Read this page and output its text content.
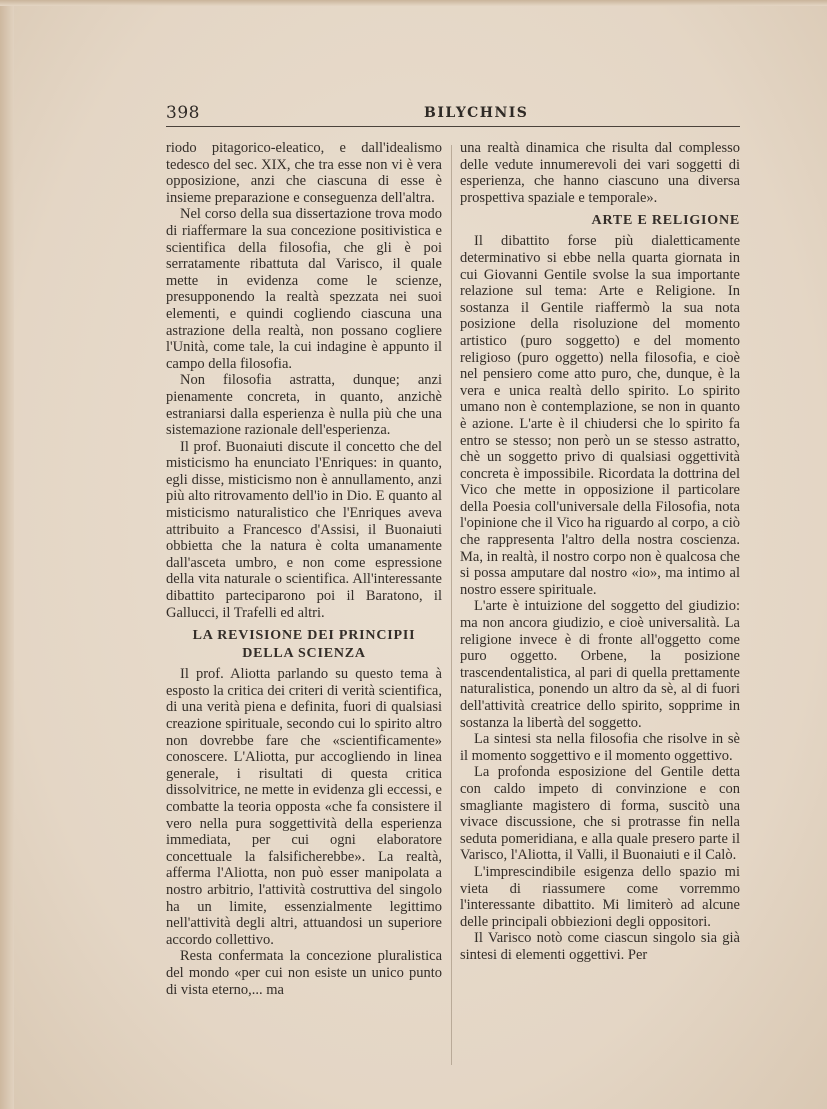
398	BILYCHNIS

riodo pitagorico-eleatico, e dall'idealismo tedesco del sec. XIX, che tra esse non vi è vera opposizione, anzi che ciascuna di esse è insieme preparazione e conseguenza dell'altra.

Nel corso della sua dissertazione trova modo di riaffermare la sua concezione positivistica e scientifica della filosofia, che gli è poi serratamente ribattuta dal Varisco, il quale mette in evidenza come le scienze, presupponendo la realtà spezzata nei suoi elementi, e quindi cogliendo ciascuna una astrazione della realtà, non possano cogliere l'Unità, come tale, la cui indagine è appunto il campo della filosofia.

Non filosofia astratta, dunque; anzi pienamente concreta, in quanto, anzichè estraniarsi dalla esperienza è nulla più che una sistemazione razionale dell'esperienza.

Il prof. Buonaiuti discute il concetto che del misticismo ha enunciato l'Enriques: in quanto, egli disse, misticismo non è annullamento, anzi più alto ritrovamento dell'io in Dio. E quanto al misticismo naturalistico che l'Enriques aveva attribuito a Francesco d'Assisi, il Buonaiuti obbietta che la natura è colta umanamente dall'asceta umbro, e non come espressione della vita naturale o scientifica. All'interessante dibattito parteciparono poi il Baratono, il Gallucci, il Trafelli ed altri.

LA REVISIONE DEI PRINCIPII DELLA SCIENZA

Il prof. Aliotta parlando su questo tema à esposto la critica dei criteri di verità scientifica, di una verità piena e definita, fuori di qualsiasi creazione spirituale, secondo cui lo spirito altro non dovrebbe fare che «scientificamente» conoscere. L'Aliotta, pur accogliendo in linea generale, i risultati di questa critica dissolvitrice, ne mette in evidenza gli eccessi, e combatte la teoria opposta «che fa consistere il vero nella pura soggettività della esperienza immediata, per cui ogni elaboratore concettuale la falsificherebbe». La realtà, afferma l'Aliotta, non può esser manipolata a nostro arbitrio, l'attività costruttiva del singolo ha un limite, essenzialmente legittimo nell'attività degli altri, attuandosi un superiore accordo collettivo.

Resta confermata la concezione pluralistica del mondo «per cui non esiste un unico punto di vista eterno,... ma

una realtà dinamica che risulta dal complesso delle vedute innumerevoli dei vari soggetti di esperienza, che hanno ciascuno una diversa prospettiva spaziale e temporale».

ARTE E RELIGIONE

Il dibattito forse più dialetticamente determinativo si ebbe nella quarta giornata in cui Giovanni Gentile svolse la sua importante relazione sul tema: Arte e Religione. In sostanza il Gentile riaffermò la sua nota posizione della risoluzione del momento artistico (puro soggetto) e del momento religioso (puro oggetto) nella filosofia, e cioè nel pensiero come atto puro, che, dunque, è la vera e unica realtà dello spirito. Lo spirito umano non è contemplazione, se non in quanto è azione. L'arte è il chiudersi che lo spirito fa entro se stesso; non però un se stesso astratto, chè un soggetto privo di qualsiasi oggettività concreta è impossibile. Ricordata la dottrina del Vico che mette in opposizione il particolare della Poesia coll'universale della Filosofia, nota l'opinione che il Vico ha riguardo al corpo, a ciò che rappresenta l'altro della nostra coscienza. Ma, in realtà, il nostro corpo non è qualcosa che si possa amputare dal nostro «io», ma intimo al nostro essere spirituale.

L'arte è intuizione del soggetto del giudizio: ma non ancora giudizio, e cioè universalità. La religione invece è di fronte all'oggetto come puro oggetto. Orbene, la posizione trascendentalistica, al pari di quella prettamente naturalistica, ponendo un altro da sè, al di fuori dell'attività creatrice dello spirito, sopprime in sostanza la libertà del soggetto.

La sintesi sta nella filosofia che risolve in sè il momento soggettivo e il momento oggettivo.

La profonda esposizione del Gentile detta con caldo impeto di convinzione e con smagliante magistero di forma, suscitò una vivace discussione, che si protrasse fin nella seduta pomeridiana, e alla quale presero parte il Varisco, l'Aliotta, il Valli, il Buonaiuti e il Calò.

L'imprescindibile esigenza dello spazio mi vieta di riassumere come vorremmo l'interessante dibattito. Mi limiterò ad alcune delle principali obbiezioni degli oppositori.

Il Varisco notò come ciascun singolo sia già sintesi di elementi oggettivi. Per
